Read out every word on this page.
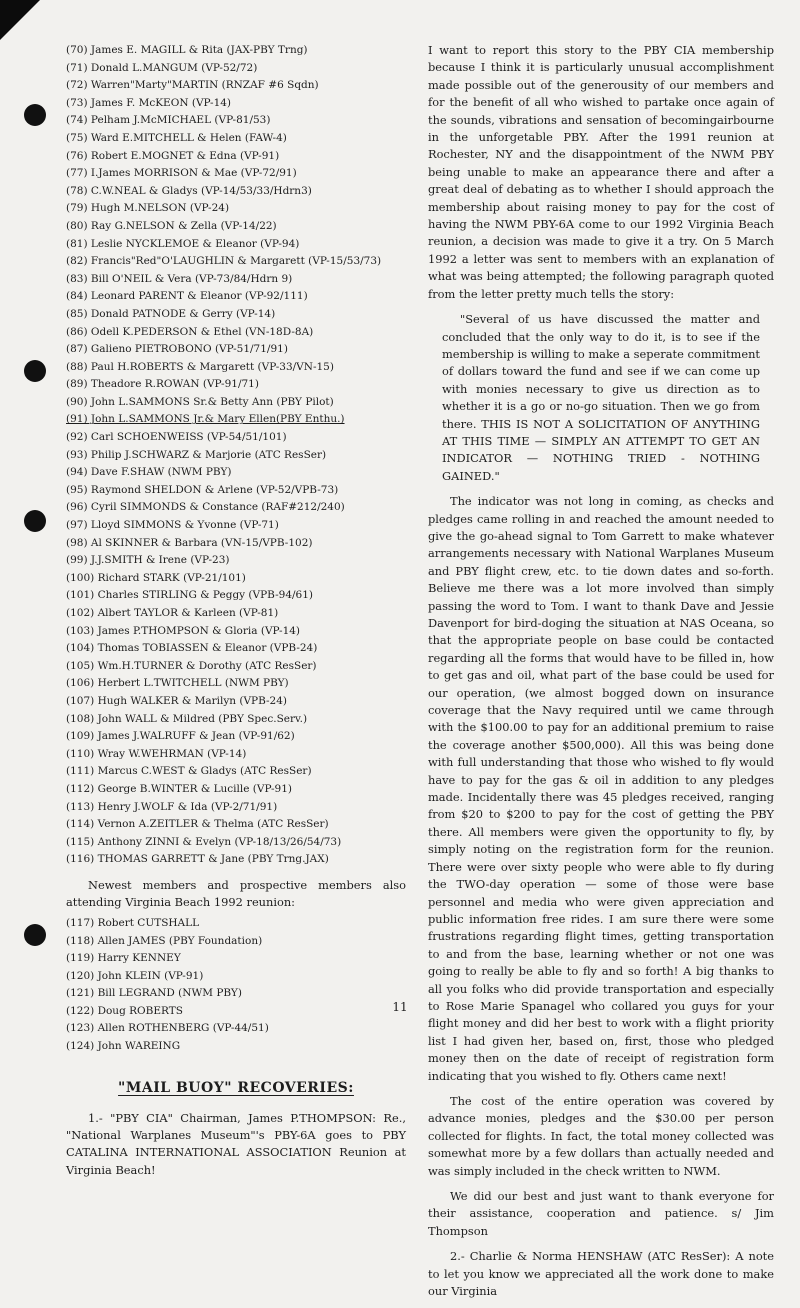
(70) James E. MAGILL & Rita (JAX-PBY Trng)
(71) Donald L.MANGUM (VP-52/72)
(72) Warren"Marty"MARTIN (RNZAF #6 Sqdn)
(73) James F. McKEON (VP-14)
(74) Pelham J.McMICHAEL (VP-81/53)
(75) Ward E.MITCHELL & Helen (FAW-4)
(76) Robert E.MOGNET & Edna (VP-91)
(77) I.James MORRISON & Mae (VP-72/91)
(78) C.W.NEAL & Gladys (VP-14/53/33/Hdrn3)
(79) Hugh M.NELSON (VP-24)
(80) Ray G.NELSON & Zella (VP-14/22)
(81) Leslie NYCKLEMOE & Eleanor (VP-94)
(82) Francis"Red"O'LAUGHLIN & Margarett (VP-15/53/73)
(83) Bill O'NEIL & Vera (VP-73/84/Hdrn 9)
(84) Leonard PARENT & Eleanor (VP-92/111)
(85) Donald PATNODE & Gerry (VP-14)
(86) Odell K.PEDERSON & Ethel (VN-18D-8A)
(87) Galieno PIETROBONO (VP-51/71/91)
(88) Paul H.ROBERTS & Margarett (VP-33/VN-15)
(89) Theadore R.ROWAN (VP-91/71)
(90) John L.SAMMONS Sr.& Betty Ann (PBY Pilot)
(91) John L.SAMMONS Jr.& Mary Ellen(PBY Enthu.)
(92) Carl SCHOENWEISS (VP-54/51/101)
(93) Philip J.SCHWARZ & Marjorie (ATC ResSer)
(94) Dave F.SHAW (NWM PBY)
(95) Raymond SHELDON & Arlene (VP-52/VPB-73)
(96) Cyril SIMMONDS & Constance (RAF#212/240)
(97) Lloyd SIMMONS & Yvonne (VP-71)
(98) Al SKINNER & Barbara (VN-15/VPB-102)
(99) J.J.SMITH & Irene (VP-23)
(100) Richard STARK (VP-21/101)
(101) Charles STIRLING & Peggy (VPB-94/61)
(102) Albert TAYLOR & Karleen (VP-81)
(103) James P.THOMPSON & Gloria (VP-14)
(104) Thomas TOBIASSEN & Eleanor (VPB-24)
(105) Wm.H.TURNER & Dorothy (ATC ResSer)
(106) Herbert L.TWITCHELL (NWM PBY)
(107) Hugh WALKER & Marilyn (VPB-24)
(108) John WALL & Mildred (PBY Spec.Serv.)
(109) James J.WALRUFF & Jean (VP-91/62)
(110) Wray W.WEHRMAN (VP-14)
(111) Marcus C.WEST & Gladys (ATC ResSer)
(112) George B.WINTER & Lucille (VP-91)
(113) Henry J.WOLF & Ida (VP-2/71/91)
(114) Vernon A.ZEITLER & Thelma (ATC ResSer)
(115) Anthony ZINNI & Evelyn (VP-18/13/26/54/73)
(116) THOMAS GARRETT & Jane (PBY Trng.JAX)

Newest members and prospective members also attending Virginia Beach 1992 reunion:

(117) Robert CUTSHALL
(118) Allen JAMES (PBY Foundation)
(119) Harry KENNEY
(120) John KLEIN (VP-91)
(121) Bill LEGRAND (NWM PBY)
(122) Doug ROBERTS
(123) Allen ROTHENBERG (VP-44/51)
(124) John WAREING
"MAIL BUOY" RECOVERIES:

1.- "PBY CIA" Chairman, James P.THOMPSON: Re., "National Warplanes Museum"'s PBY-6A goes to PBY CATALINA INTERNATIONAL ASSOCIATION Reunion at Virginia Beach!

I want to report this story to the PBY CIA membership because I think it is particularly unusual accomplishment made possible out of the generousity of our members and for the benefit of all who wished to partake once again of the sounds, vibrations and sensation of becomingairbourne in the unforgetable PBY. After the 1991 reunion at Rochester, NY and the disappointment of the NWM PBY being unable to make an appearance there and after a great deal of debating as to whether I should approach the membership about raising money to pay for the cost of having the NWM PBY-6A come to our 1992 Virginia Beach reunion, a decision was made to give it a try. On 5 March 1992 a letter was sent to members with an explanation of what was being attempted; the following paragraph quoted from the letter pretty much tells the story:

"Several of us have discussed the matter and concluded that the only way to do it, is to see if the membership is willing to make a seperate commitment of dollars toward the fund and see if we can come up with monies necessary to give us direction as to whether it is a go or no-go situation. Then we go from there. THIS IS NOT A SOLICITATION OF ANYTHING AT THIS TIME — SIMPLY AN ATTEMPT TO GET AN INDICATOR — NOTHING TRIED - NOTHING GAINED."

The indicator was not long in coming, as checks and pledges came rolling in and reached the amount needed to give the go-ahead signal to Tom Garrett to make whatever arrangements necessary with National Warplanes Museum and PBY flight crew, etc. to tie down dates and so-forth. Believe me there was a lot more involved than simply passing the word to Tom. I want to thank Dave and Jessie Davenport for bird-doging the situation at NAS Oceana, so that the appropriate people on base could be contacted regarding all the forms that would have to be filled in, how to get gas and oil, what part of the base could be used for our operation, (we almost bogged down on insurance coverage that the Navy required until we came through with the $100.00 to pay for an additional premium to raise the coverage another $500,000). All this was being done with full understanding that those who wished to fly would have to pay for the gas & oil in addition to any pledges made. Incidentally there was 45 pledges received, ranging from $20 to $200 to pay for the cost of getting the PBY there. All members were given the opportunity to fly, by simply noting on the registration form for the reunion. There were over sixty people who were able to fly during the TWO-day operation — some of those were base personnel and media who were given appreciation and public information free rides. I am sure there were some frustrations regarding flight times, getting transportation to and from the base, learning whether or not one was going to really be able to fly and so forth! A big thanks to all you folks who did provide transportation and especially to Rose Marie Spanagel who collared you guys for your flight money and did her best to work with a flight priority list I had given her, based on, first, those who pledged money then on the date of receipt of registration form indicating that you wished to fly. Others came next!

The cost of the entire operation was covered by advance monies, pledges and the $30.00 per person collected for flights. In fact, the total money collected was somewhat more by a few dollars than actually needed and was simply included in the check written to NWM.

We did our best and just want to thank everyone for their assistance, cooperation and patience. s/ Jim Thompson

2.- Charlie & Norma HENSHAW (ATC ResSer): A note to let you know we appreciated all the work done to make our Virginia

11
